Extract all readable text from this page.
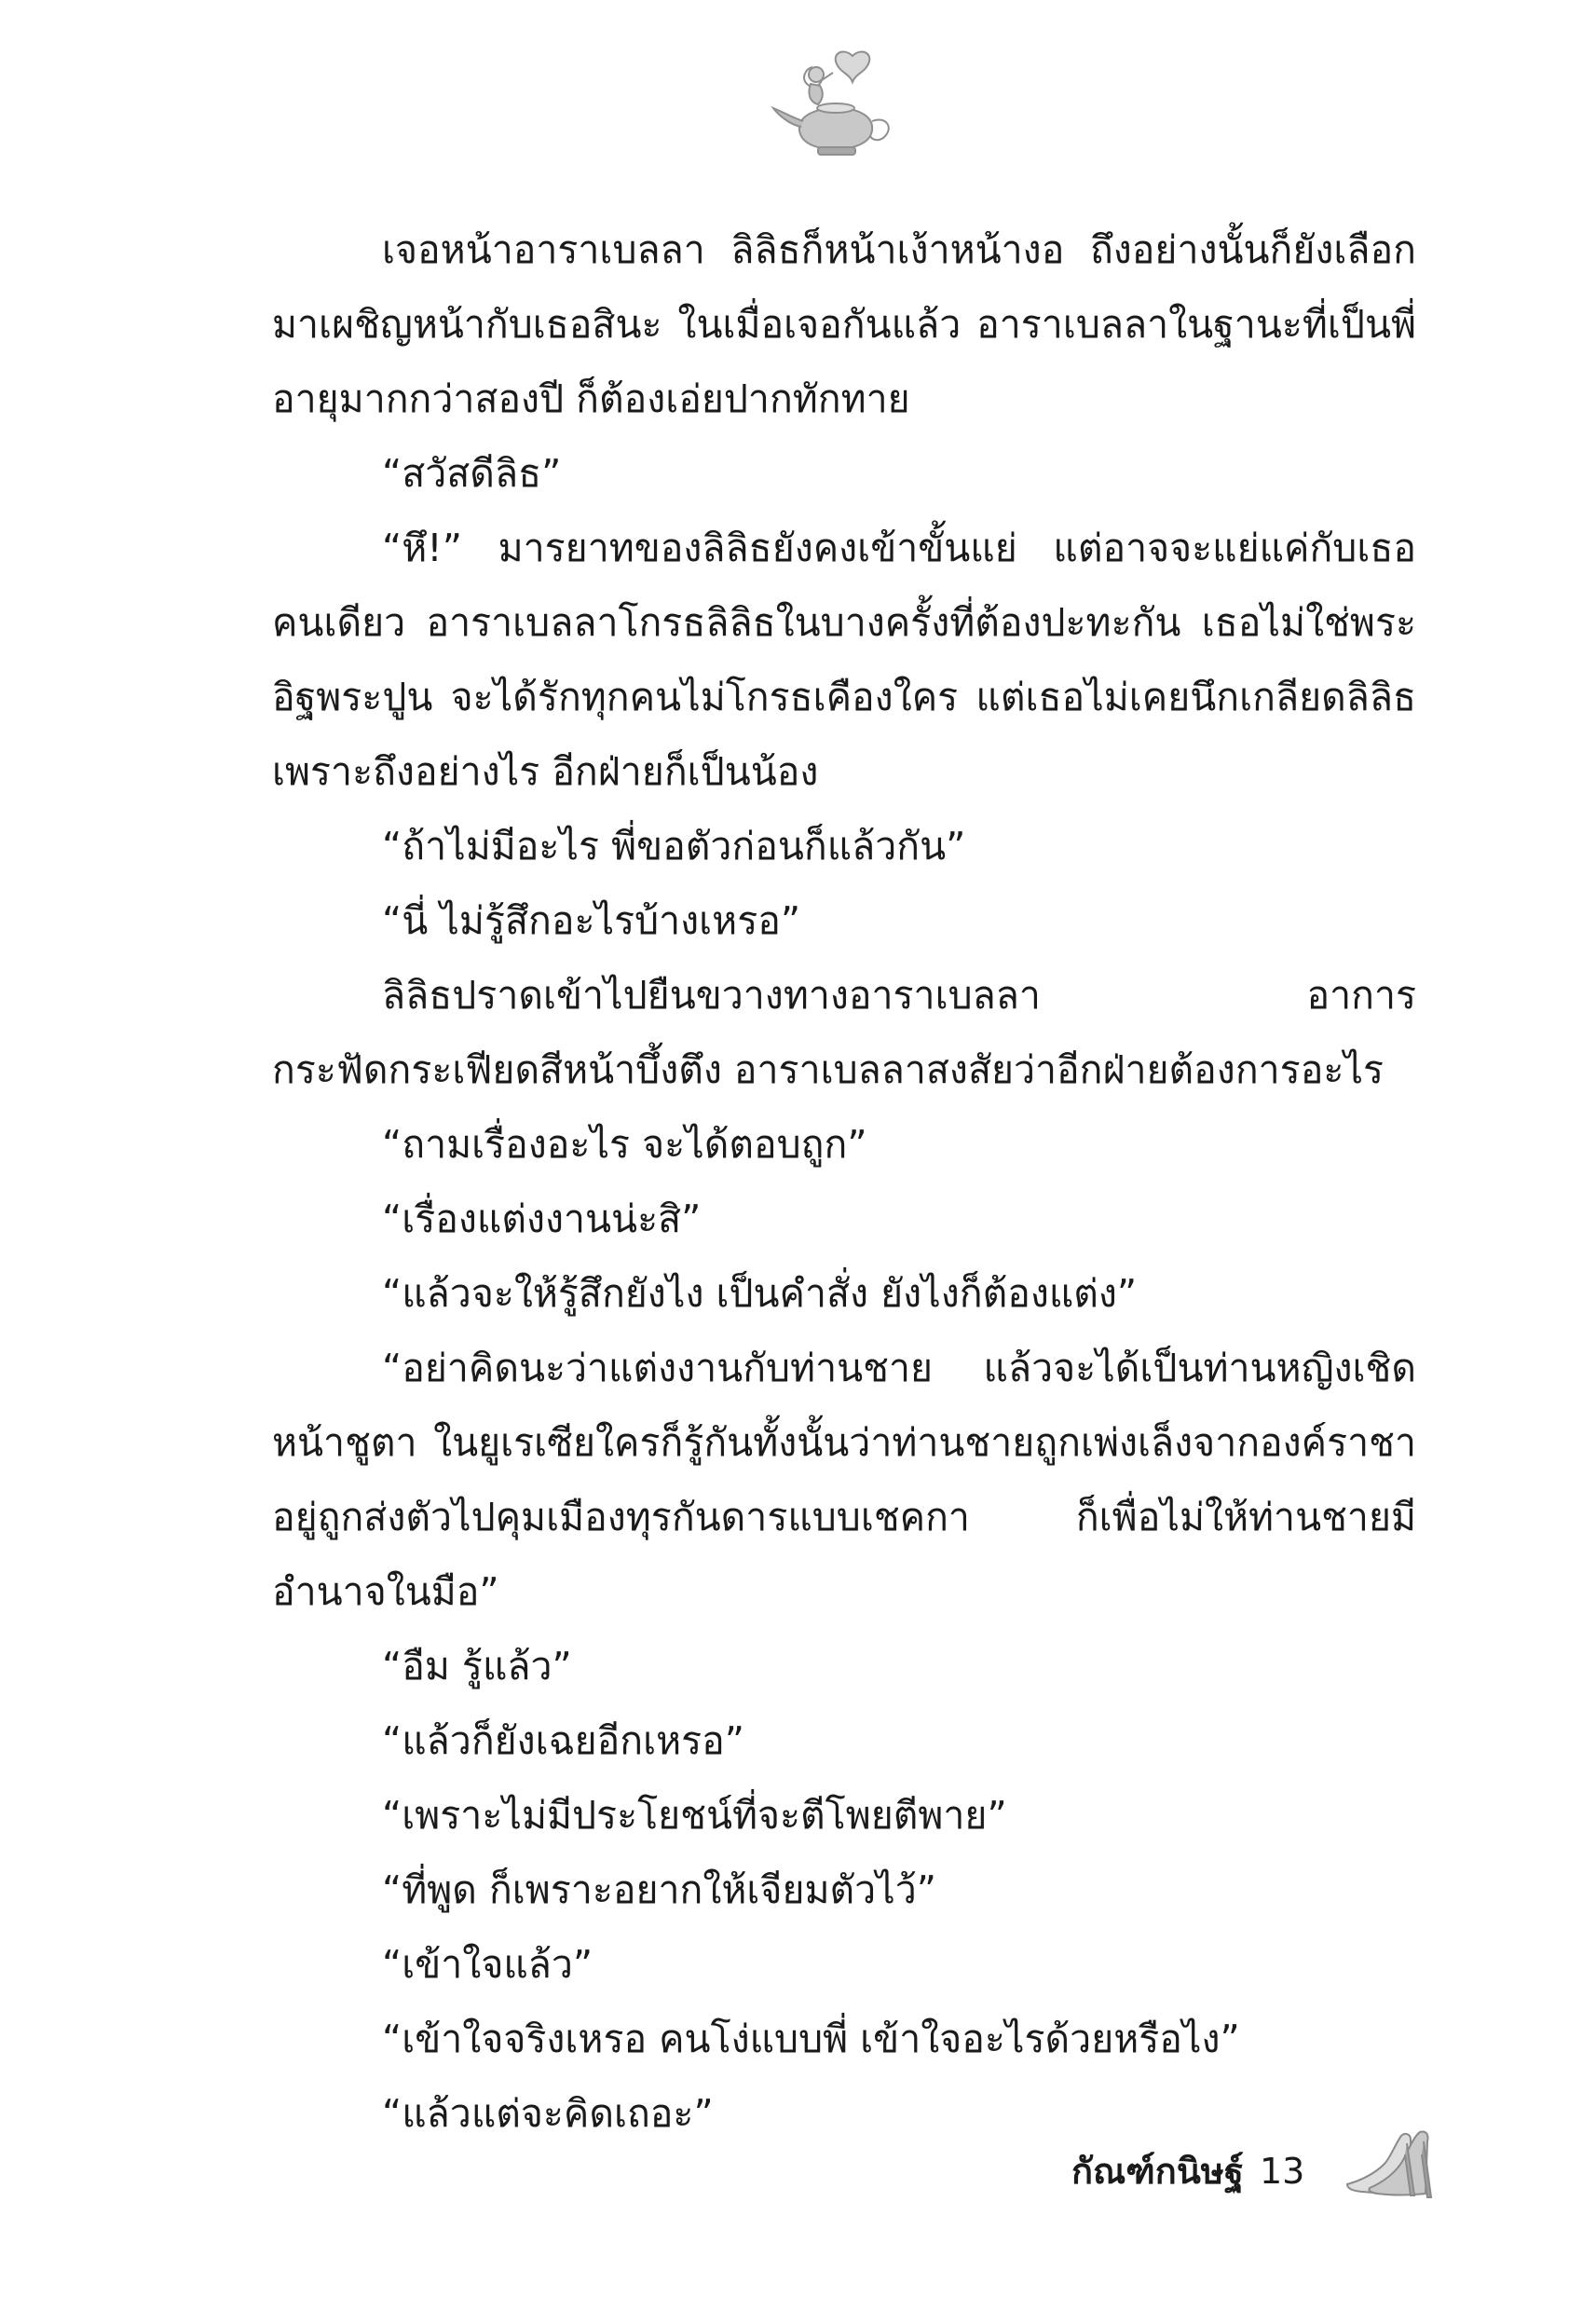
เจอหน้าอาราเบลลา ลิลิธก็หน้าเง้าหน้างอ ถึงอย่างนั้นก็ยังเลือกมาเผชิญหน้ากับเธอสินะ ในเมื่อเจอกันแล้ว อาราเบลลาในฐานะที่เป็นพี่อายุมากกว่าสองปี ก็ต้องเอ่ยปากทักทาย

“สวัสดีลิธ”

“หึ!” มารยาทของลิลิธยังคงเข้าขั้นแย่ แต่อาจจะแย่แค่กับเธอคนเดียว อาราเบลลาโกรธลิลิธในบางครั้งที่ต้องปะทะกัน เธอไม่ใช่พระอิฐพระปูน จะได้รักทุกคนไม่โกรธเคืองใคร แต่เธอไม่เคยนึกเกลียดลิลิธ เพราะถึงอย่างไร อีกฝ่ายก็เป็นน้อง

“ถ้าไม่มีอะไร พี่ขอตัวก่อนก็แล้วกัน”

“นี่ ไม่รู้สึกอะไรบ้างเหรอ”

ลิลิธปราดเข้าไปยืนขวางทางอาราเบลลา อาการกระฟัดกระเฟียดสีหน้าบึ้งตึง อาราเบลลาสงสัยว่าอีกฝ่ายต้องการอะไร

“ถามเรื่องอะไร จะได้ตอบถูก”

“เรื่องแต่งงานน่ะสิ”

“แล้วจะให้รู้สึกยังไง เป็นคำสั่ง ยังไงก็ต้องแต่ง”

“อย่าคิดนะว่าแต่งงานกับท่านชาย แล้วจะได้เป็นท่านหญิงเชิดหน้าชูตา ในยูเรเซียใครก็รู้กันทั้งนั้นว่าท่านชายถูกเพ่งเล็งจากองค์ราชาอยู่ถูกส่งตัวไปคุมเมืองทุรกันดารแบบเชคกา ก็เพื่อไม่ให้ท่านชายมีอำนาจในมือ”

“อืม รู้แล้ว”

“แล้วก็ยังเฉยอีกเหรอ”

“เพราะไม่มีประโยชน์ที่จะตีโพยตีพาย”

“ที่พูด ก็เพราะอยากให้เจียมตัวไว้”

“เข้าใจแล้ว”

“เข้าใจจริงเหรอ คนโง่แบบพี่ เข้าใจอะไรด้วยหรือไง”

“แล้วแต่จะคิดเถอะ”

กัณฑ์กนิษฐ์ 13
